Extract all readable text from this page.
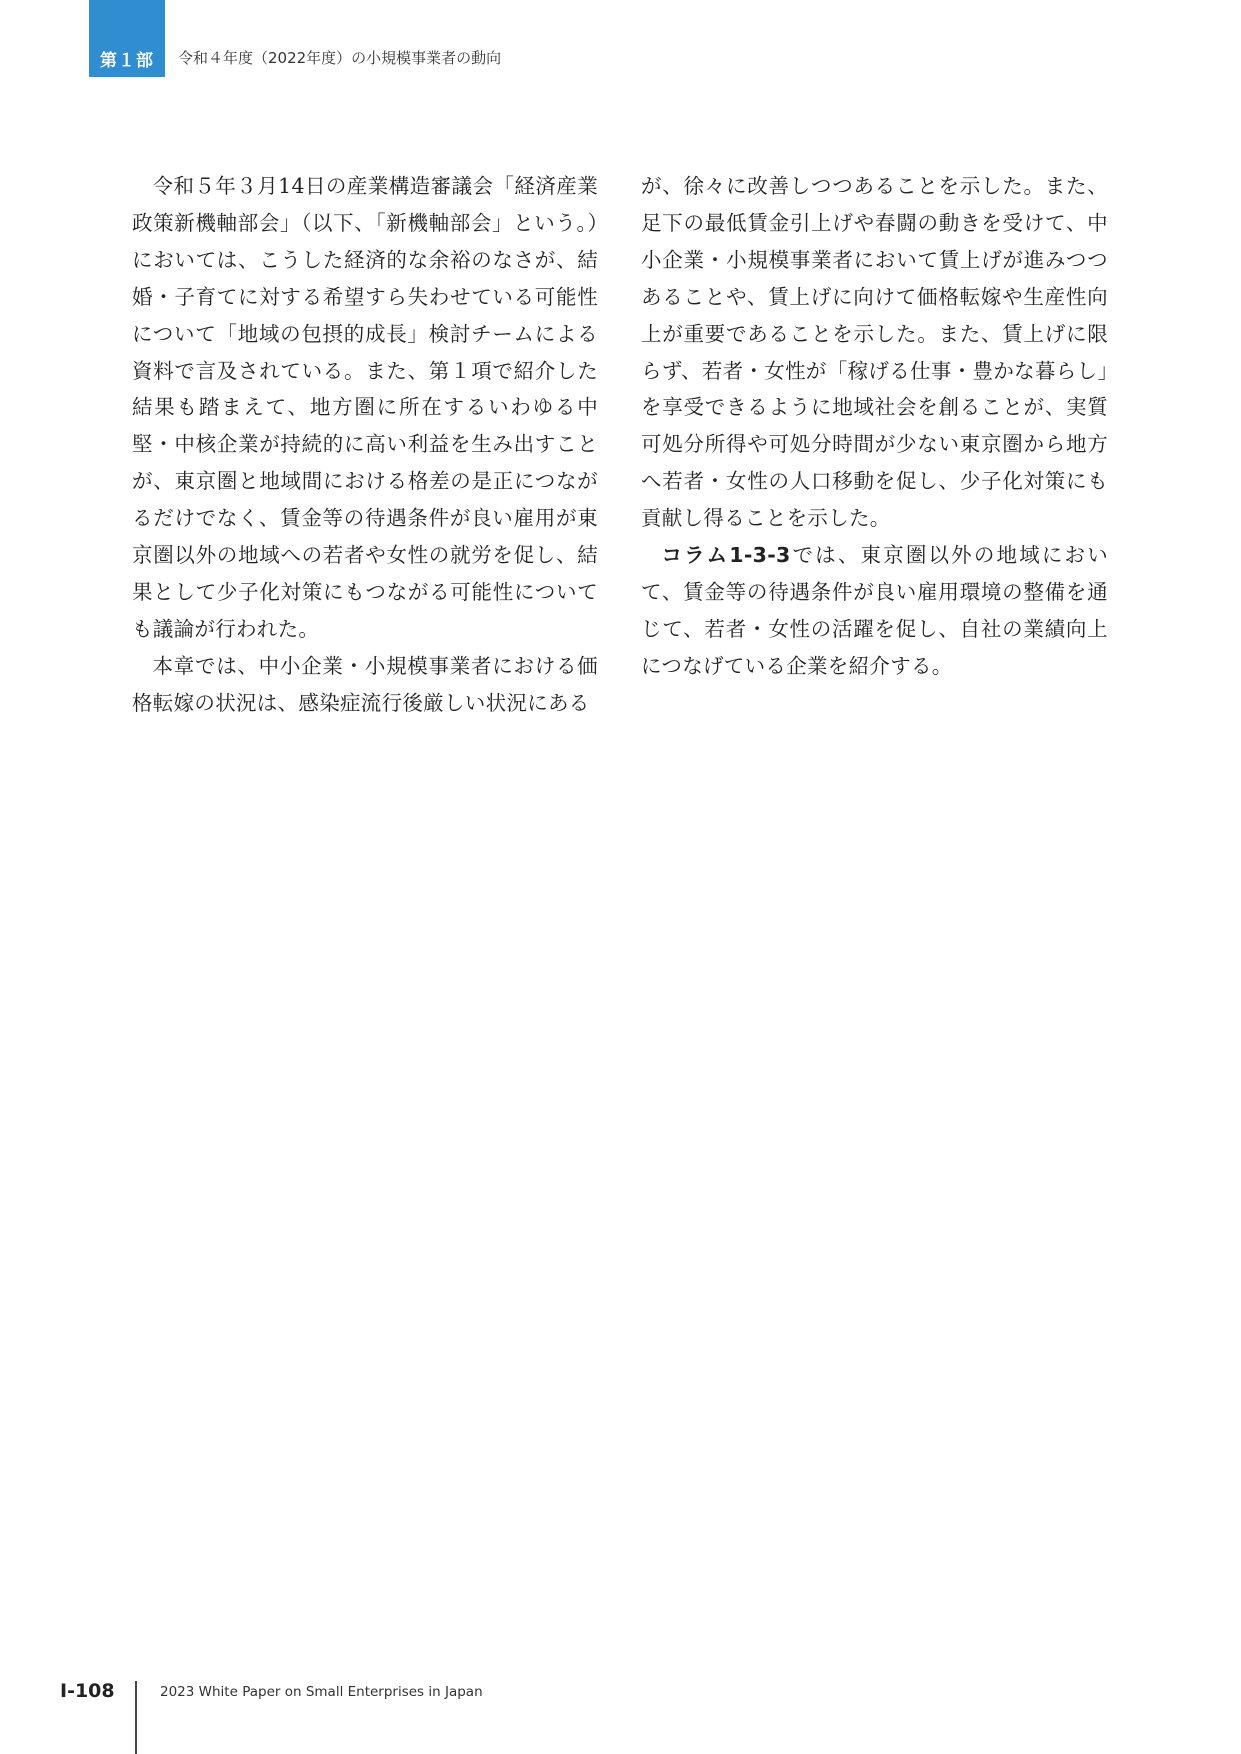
第１部	令和４年度（2022年度）の小規模事業者の動向

令和５年３月14日の産業構造審議会「経済産業政策新機軸部会」（以下、「新機軸部会」という。）においては、こうした経済的な余裕のなさが、結婚・子育てに対する希望すら失わせている可能性について「地域の包摂的成長」検討チームによる資料で言及されている。また、第１項で紹介した結果も踏まえて、地方圏に所在するいわゆる中堅・中核企業が持続的に高い利益を生み出すことが、東京圏と地域間における格差の是正につながるだけでなく、賃金等の待遇条件が良い雇用が東京圏以外の地域への若者や女性の就労を促し、結果として少子化対策にもつながる可能性についても議論が行われた。

本章では、中小企業・小規模事業者における価格転嫁の状況は、感染症流行後厳しい状況にある

が、徐々に改善しつつあることを示した。また、足下の最低賃金引上げや春闘の動きを受けて、中小企業・小規模事業者において賃上げが進みつつあることや、賃上げに向けて価格転嫁や生産性向上が重要であることを示した。また、賃上げに限らず、若者・女性が「稼げる仕事・豊かな暮らし」を享受できるように地域社会を創ることが、実質可処分所得や可処分時間が少ない東京圏から地方へ若者・女性の人口移動を促し、少子化対策にも貢献し得ることを示した。

コラム1-3-3では、東京圏以外の地域において、賃金等の待遇条件が良い雇用環境の整備を通じて、若者・女性の活躍を促し、自社の業績向上につなげている企業を紹介する。

I-108	2023 White Paper on Small Enterprises in Japan
